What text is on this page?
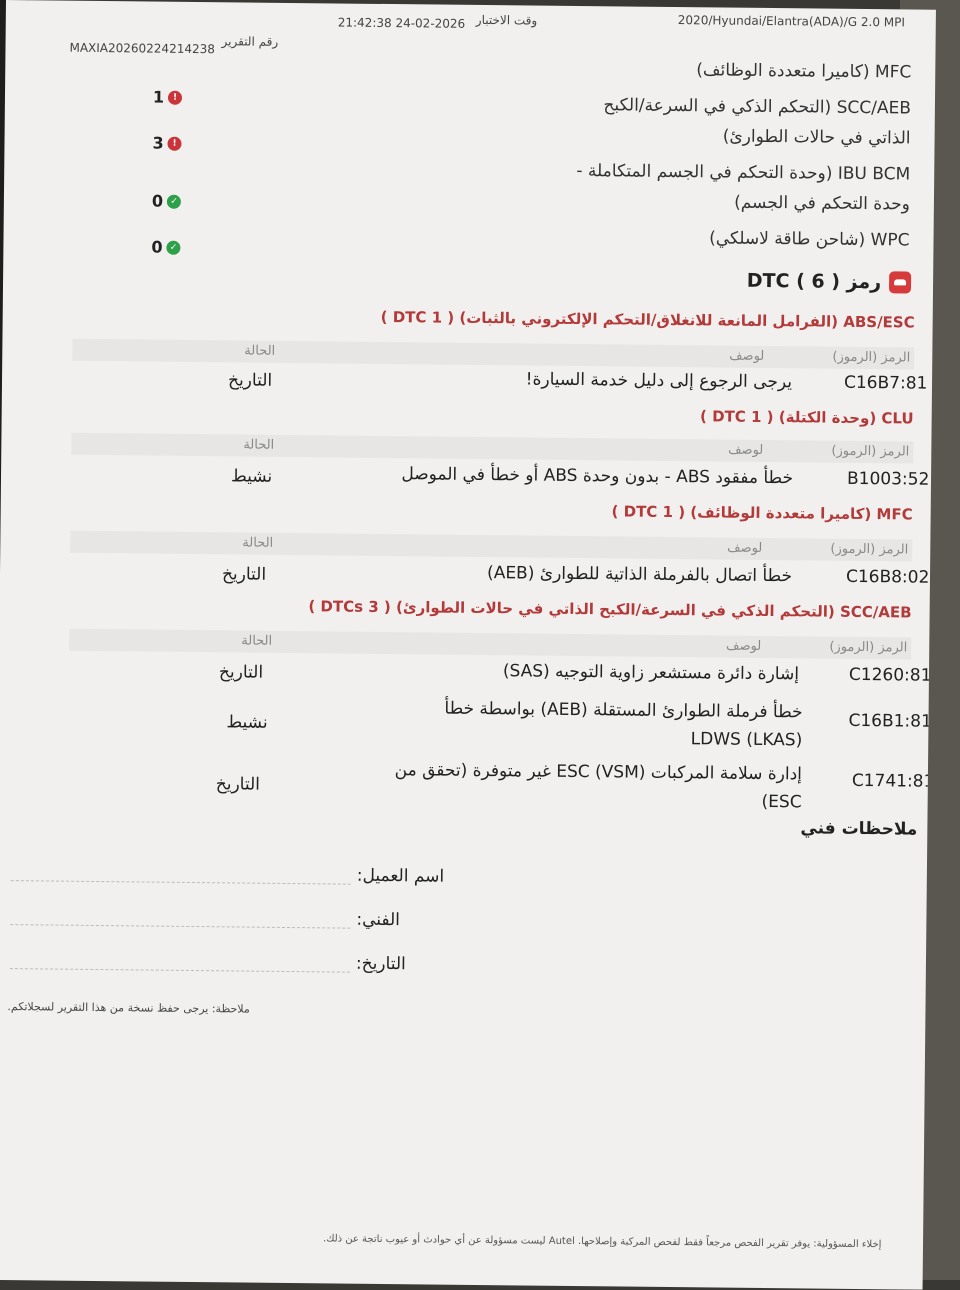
2020/Hyundai/Elantra(ADA)/G 2.0 MPI
وقت الاختبار
21:42:38 24-02-2026
رقم التقرير
MAXIA20260224214238
MFC (كاميرا متعددة الوظائف)
SCC/AEB (التحكم الذكي في السرعة/الكبح
الذاتي في حالات الطوارئ)
IBU BCM (وحدة التحكم في الجسم المتكاملة -
وحدة التحكم في الجسم)
WPC (شاحن طاقة لاسلكي)
1 !
3 !
0 ✓
0 ✓
رمز DTC ( 6 )
ABS/ESC (الفرامل المانعة للانغلاق/التحكم الإلكتروني بالثبات) ( DTC 1 )
الرمز (الرموز)
لوصف
الحالة
C16B7:81
يرجى الرجوع إلى دليل خدمة السيارة!
التاريخ
CLU (وحدة الكتلة) ( DTC 1 )
الرمز (الرموز)
لوصف
الحالة
B1003:52
خطأ مفقود ABS - بدون وحدة ABS أو خطأ في الموصل
نشيط
MFC (كاميرا متعددة الوظائف) ( DTC 1 )
الرمز (الرموز)
لوصف
الحالة
C16B8:02
خطأ اتصال بالفرملة الذاتية للطوارئ (AEB)
التاريخ
SCC/AEB (التحكم الذكي في السرعة/الكبح الذاتي في حالات الطوارئ) ( DTCs 3 )
الرمز (الرموز)
لوصف
الحالة
C1260:81
إشارة دائرة مستشعر زاوية التوجيه (SAS)
التاريخ
C16B1:81
خطأ فرملة الطوارئ المستقلة (AEB) بواسطة خطأ LDWS (LKAS)
نشيط
C1741:81
إدارة سلامة المركبات ESC (VSM) غير متوفرة (تحقق من ESC)
التاريخ
ملاحظات فني
اسم العميل:
الفني:
التاريخ:
ملاحظة: يرجى حفظ نسخة من هذا التقرير لسجلاتكم.
إخلاء المسؤولية: يوفر تقرير الفحص مرجعاً فقط لفحص المركبة وإصلاحها. Autel ليست مسؤولة عن أي حوادث أو عيوب ناتجة عن ذلك.
